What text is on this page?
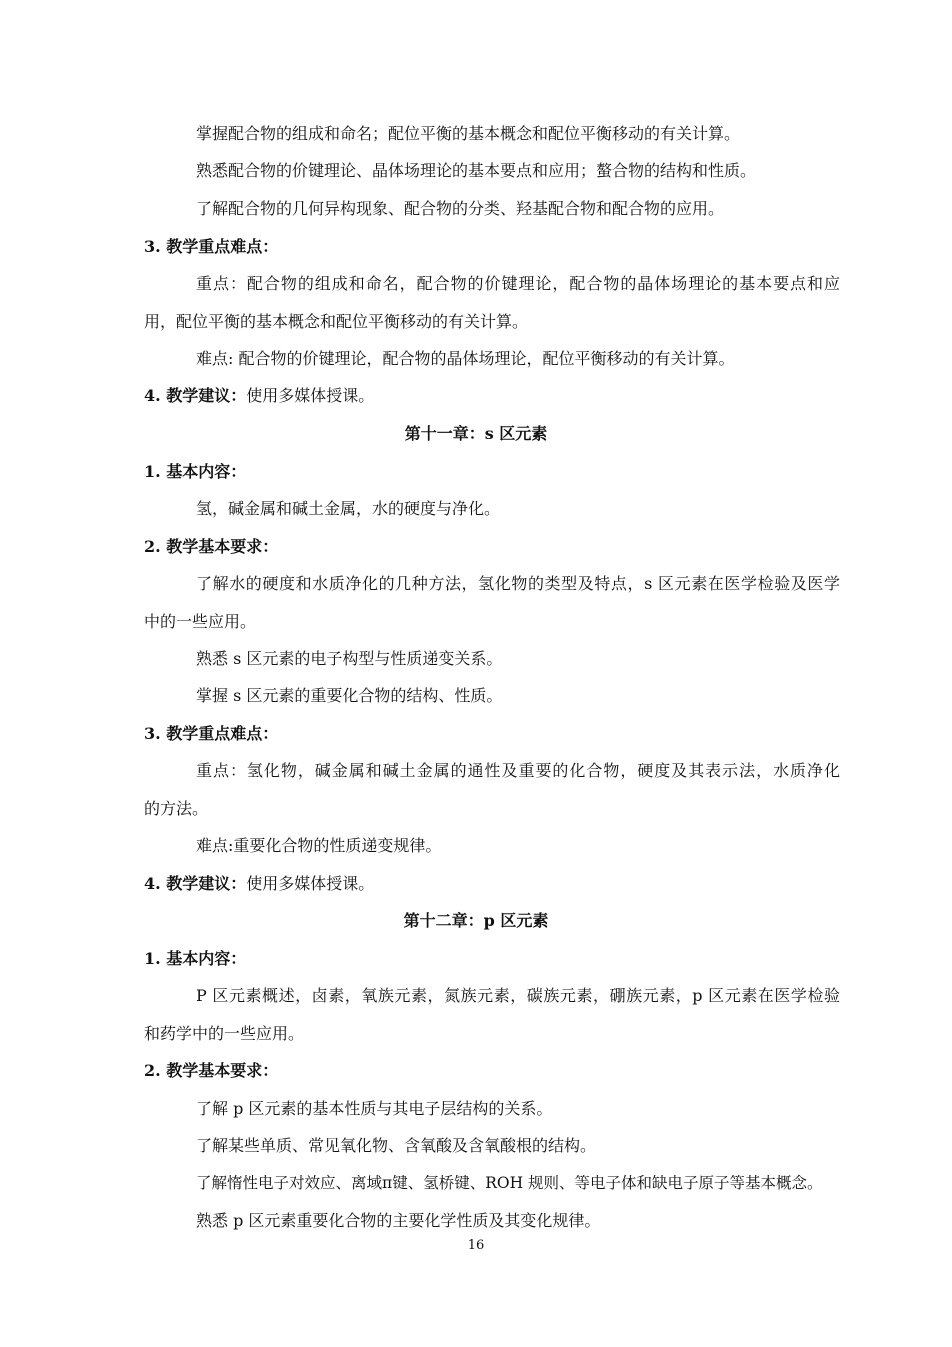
掌握配合物的组成和命名；配位平衡的基本概念和配位平衡移动的有关计算。
熟悉配合物的价键理论、晶体场理论的基本要点和应用；螯合物的结构和性质。
了解配合物的几何异构现象、配合物的分类、羟基配合物和配合物的应用。
3. 教学重点难点：
重点：配合物的组成和命名，配合物的价键理论，配合物的晶体场理论的基本要点和应
用，配位平衡的基本概念和配位平衡移动的有关计算。
难点: 配合物的价键理论，配合物的晶体场理论，配位平衡移动的有关计算。
4. 教学建议：使用多媒体授课。
第十一章：s 区元素
1. 基本内容：
氢，碱金属和碱土金属，水的硬度与净化。
2. 教学基本要求：
了解水的硬度和水质净化的几种方法，氢化物的类型及特点，s 区元素在医学检验及医学
中的一些应用。
熟悉 s 区元素的电子构型与性质递变关系。
掌握 s 区元素的重要化合物的结构、性质。
3. 教学重点难点：
重点：氢化物，碱金属和碱土金属的通性及重要的化合物，硬度及其表示法，水质净化
的方法。
难点:重要化合物的性质递变规律。
4. 教学建议：使用多媒体授课。
第十二章：p 区元素
1. 基本内容：
P 区元素概述，卤素，氧族元素，氮族元素，碳族元素，硼族元素，p 区元素在医学检验
和药学中的一些应用。
2. 教学基本要求：
了解 p 区元素的基本性质与其电子层结构的关系。
了解某些单质、常见氧化物、含氧酸及含氧酸根的结构。
了解惰性电子对效应、离域π键、氢桥键、ROH 规则、等电子体和缺电子原子等基本概念。
熟悉 p 区元素重要化合物的主要化学性质及其变化规律。
16
